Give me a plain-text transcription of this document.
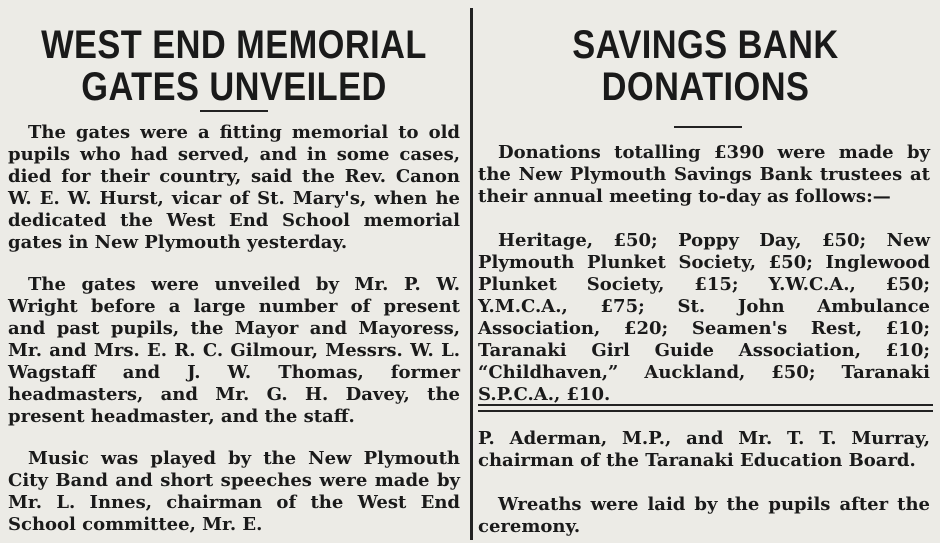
WEST END MEMORIAL

GATES UNVEILED

The gates were a fitting memorial to old pupils who had served, and in some cases, died for their country, said the Rev. Canon W. E. W. Hurst, vicar of St. Mary's, when he dedicated the West End School memorial gates in New Plymouth yesterday.

The gates were unveiled by Mr. P. W. Wright before a large number of present and past pupils, the Mayor and Mayoress, Mr. and Mrs. E. R. C. Gilmour, Messrs. W. L. Wagstaff and J. W. Thomas, former headmasters, and Mr. G. H. Davey, the present headmaster, and the staff.

Music was played by the New Plymouth City Band and short speeches were made by Mr. L. Innes, chairman of the West End School committee, Mr. E.

SAVINGS BANK

DONATIONS

Donations totalling £390 were made by the New Plymouth Savings Bank trustees at their annual meeting to-day as follows:—

Heritage, £50; Poppy Day, £50; New Plymouth Plunket Society, £50; Inglewood Plunket Society, £15; Y.W.C.A., £50; Y.M.C.A., £75; St. John Ambulance Association, £20; Seamen's Rest, £10; Taranaki Girl Guide Association, £10; “Childhaven,” Auckland, £50; Taranaki S.P.C.A., £10.

P. Aderman, M.P., and Mr. T. T. Murray, chairman of the Taranaki Education Board.

Wreaths were laid by the pupils after the ceremony.
